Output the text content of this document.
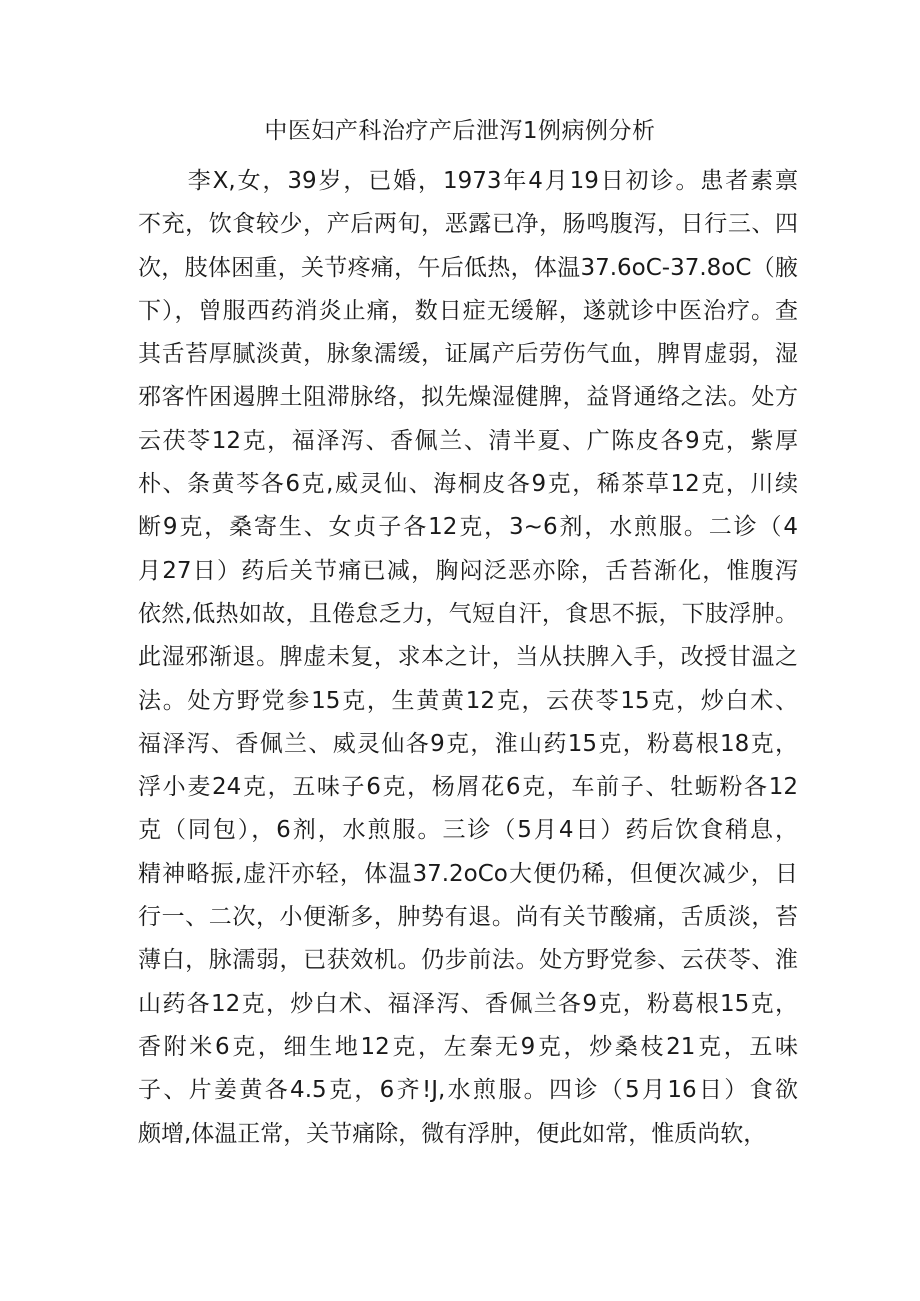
中医妇产科治疗产后泄泻1例病例分析
　　李X,女，39岁，已婚，1973年4月19日初诊。患者素禀
不充，饮食较少，产后两旬，恶露已净，肠鸣腹泻，日行三、四
次，肢体困重，关节疼痛，午后低热，体温37.6oC-37.8oC（腋
下），曾服西药消炎止痛，数日症无缓解，遂就诊中医治疗。查
其舌苔厚腻淡黄，脉象濡缓，证属产后劳伤气血，脾胃虚弱，湿
邪客忤困遏脾土阻滞脉络，拟先燥湿健脾，益肾通络之法。处方
云茯苓12克，福泽泻、香佩兰、清半夏、广陈皮各9克，紫厚
朴、条黄芩各6克,威灵仙、海桐皮各9克，稀茶草12克，川续
断9克，桑寄生、女贞子各12克，3~6剂，水煎服。二诊（4
月27日）药后关节痛已减，胸闷泛恶亦除，舌苔渐化，惟腹泻
依然,低热如故，且倦怠乏力，气短自汗，食思不振，下肢浮肿。
此湿邪渐退。脾虚未复，求本之计，当从扶脾入手，改授甘温之
法。处方野党参15克，生黄黄12克，云茯苓15克，炒白术、
福泽泻、香佩兰、威灵仙各9克，淮山药15克，粉葛根18克，
浮小麦24克，五味子6克，杨屑花6克，车前子、牡蛎粉各12
克（同包），6剂，水煎服。三诊（5月4日）药后饮食稍息，
精神略振,虚汗亦轻，体温37.2oCo大便仍稀，但便次减少，日
行一、二次，小便渐多，肿势有退。尚有关节酸痛，舌质淡，苔
薄白，脉濡弱，已获效机。仍步前法。处方野党参、云茯苓、淮
山药各12克，炒白术、福泽泻、香佩兰各9克，粉葛根15克，
香附米6克，细生地12克，左秦无9克，炒桑枝21克，五味
子、片姜黄各4.5克，6齐!J,水煎服。四诊（5月16日）食欲
颇增,体温正常，关节痛除，微有浮肿，便此如常，惟质尚软，
